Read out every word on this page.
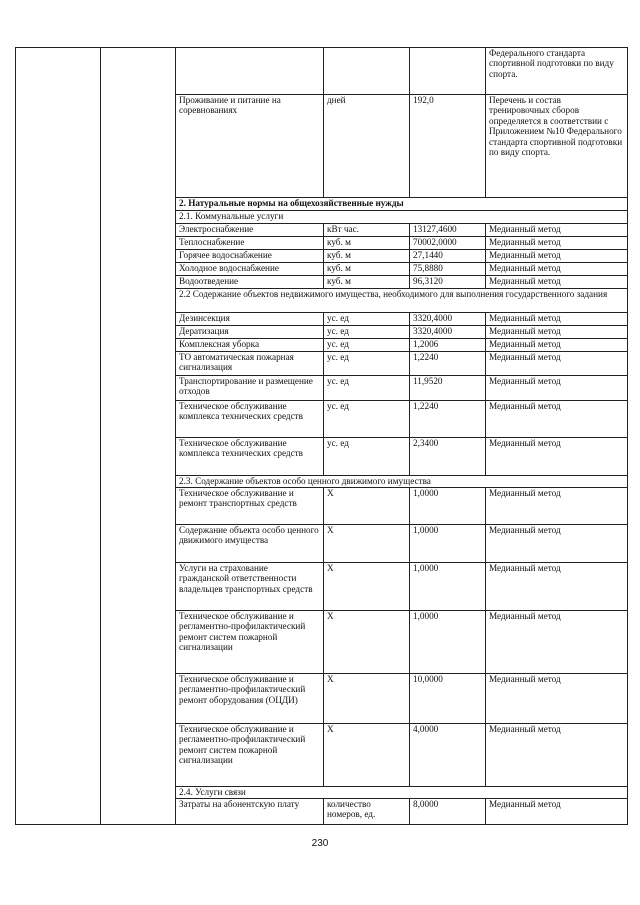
					Федерального стандарта спортивной подготовки по виду спорта.
		Проживание и питание на соревнованиях	дней	192,0	Перечень и состав тренировочных сборов определяется в соответствии с Приложением №10 Федерального стандарта спортивной подготовки по виду спорта.
		2. Натуральные нормы на общехозяйственные нужды			
		2.1. Коммунальные услуги			
		Электроснабжение	кВт час.	13127,4600	Медианный метод
		Теплоснабжение	куб. м	70002,0000	Медианный метод
		Горячее водоснабжение	куб. м	27,1440	Медианный метод
		Холодное водоснабжение	куб. м	75,8880	Медианный метод
		Водоотведение	куб. м	96,3120	Медианный метод
		2.2 Содержание объектов недвижимого имущества, необходимого для выполнения государственного задания			
		Дезинсекция	ус. ед	3320,4000	Медианный метод
		Дератизация	ус. ед	3320,4000	Медианный метод
		Комплексная уборка	ус. ед	1,2006	Медианный метод
		ТО автоматическая пожарная сигнализация	ус. ед	1,2240	Медианный метод
		Транспортирование и размещение отходов	ус. ед	11,9520	Медианный метод
		Техническое обслуживание комплекса технических средств	ус. ед	1,2240	Медианный метод
		Техническое обслуживание комплекса технических средств	ус. ед	2,3400	Медианный метод
		2.3. Содержание объектов особо ценного движимого имущества			
		Техническое обслуживание и ремонт транспортных средств	Х	1,0000	Медианный метод
		Содержание объекта особо ценного движимого имущества	Х	1,0000	Медианный метод
		Услуги на страхование гражданской ответственности владельцев транспортных средств	Х	1,0000	Медианный метод
		Техническое обслуживание и регламентно-профилактический ремонт систем пожарной сигнализации	Х	1,0000	Медианный метод
		Техническое обслуживание и регламентно-профилактический ремонт оборудования (ОЦДИ)	Х	10,0000	Медианный метод
		Техническое обслуживание и регламентно-профилактический ремонт систем пожарной сигнализации	Х	4,0000	Медианный метод
		2.4. Услуги связи			
		Затраты на абонентскую плату	количество номеров, ед.	8,0000	Медианный метод
230
